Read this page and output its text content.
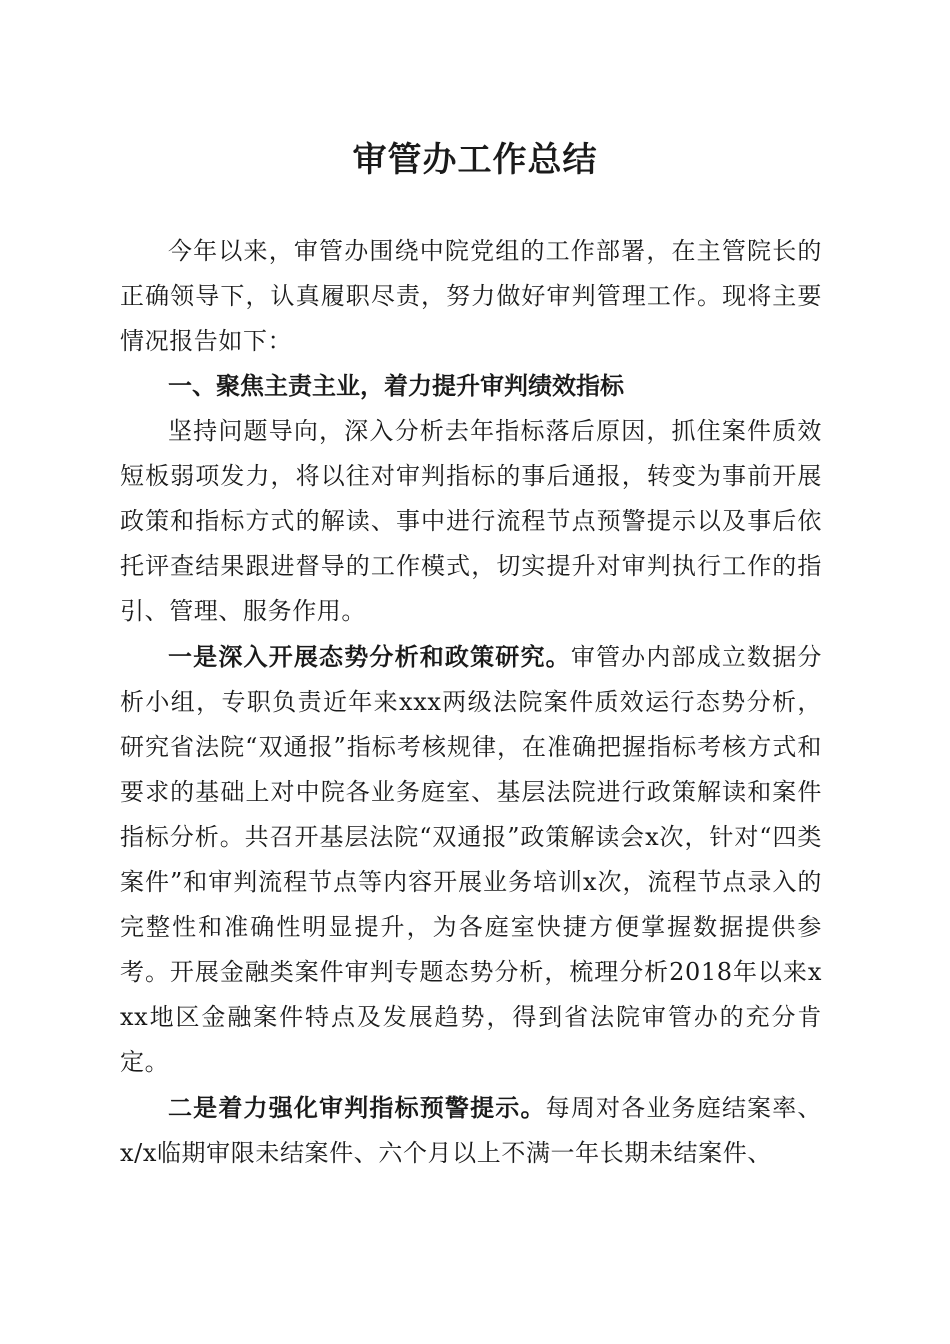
审管办工作总结

今年以来，审管办围绕中院党组的工作部署，在主管院长的正确领导下，认真履职尽责，努力做好审判管理工作。现将主要情况报告如下：

一、聚焦主责主业，着力提升审判绩效指标

坚持问题导向，深入分析去年指标落后原因，抓住案件质效短板弱项发力，将以往对审判指标的事后通报，转变为事前开展政策和指标方式的解读、事中进行流程节点预警提示以及事后依托评查结果跟进督导的工作模式，切实提升对审判执行工作的指引、管理、服务作用。

一是深入开展态势分析和政策研究。审管办内部成立数据分析小组，专职负责近年来xxx两级法院案件质效运行态势分析，研究省法院“双通报”指标考核规律，在准确把握指标考核方式和要求的基础上对中院各业务庭室、基层法院进行政策解读和案件指标分析。共召开基层法院“双通报”政策解读会x次，针对“四类案件”和审判流程节点等内容开展业务培训x次，流程节点录入的完整性和准确性明显提升，为各庭室快捷方便掌握数据提供参考。开展金融类案件审判专题态势分析，梳理分析2018年以来xxx地区金融案件特点及发展趋势，得到省法院审管办的充分肯定。

二是着力强化审判指标预警提示。每周对各业务庭结案率、x/x临期审限未结案件、六个月以上不满一年长期未结案件、
